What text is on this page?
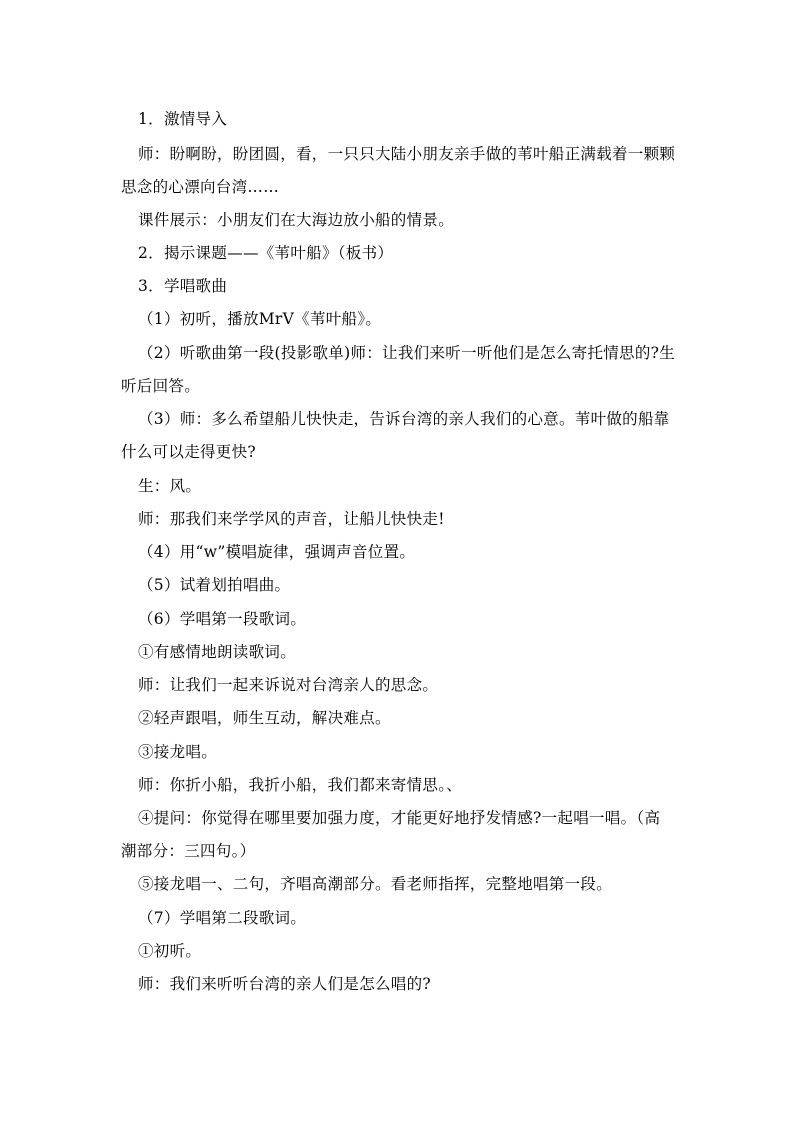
1．激情导入
师：盼啊盼，盼团圆，看，一只只大陆小朋友亲手做的苇叶船正满载着一颗颗
思念的心漂向台湾……
课件展示：小朋友们在大海边放小船的情景。
2．揭示课题——《苇叶船》（板书）
3．学唱歌曲
（1）初听，播放MrV《苇叶船》。
（2）听歌曲第一段(投影歌单)师：让我们来听一听他们是怎么寄托情思的?生
听后回答。
（3）师：多么希望船儿快快走，告诉台湾的亲人我们的心意。苇叶做的船靠
什么可以走得更快?
生：风。
师：那我们来学学风的声音，让船儿快快走!
（4）用“w”模唱旋律，强调声音位置。
（5）试着划拍唱曲。
（6）学唱第一段歌词。
①有感情地朗读歌词。
师：让我们一起来诉说对台湾亲人的思念。
②轻声跟唱，师生互动，解决难点。
③接龙唱。
师：你折小船，我折小船，我们都来寄情思。、
④提问：你觉得在哪里要加强力度，才能更好地抒发情感?一起唱一唱。（高
潮部分：三四句。）
⑤接龙唱一、二句，齐唱高潮部分。看老师指挥，完整地唱第一段。
（7）学唱第二段歌词。
①初听。
师：我们来听听台湾的亲人们是怎么唱的?
